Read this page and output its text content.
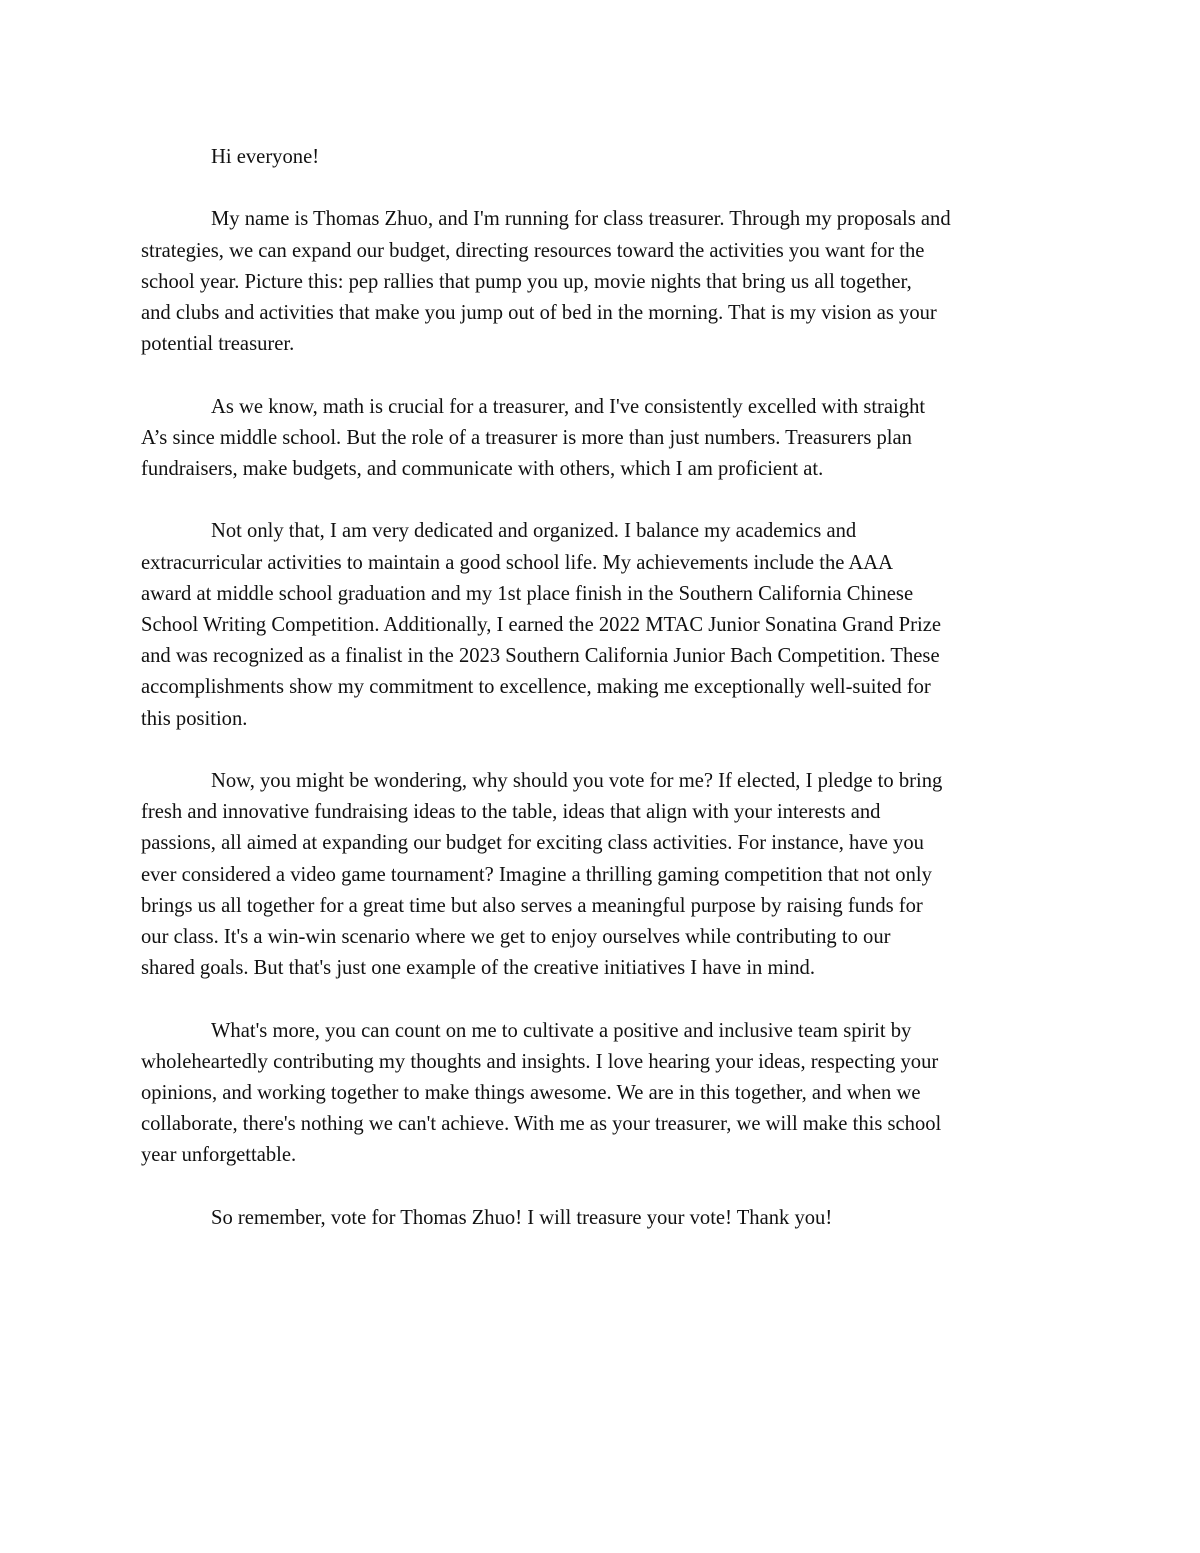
Hi everyone!

My name is Thomas Zhuo, and I'm running for class treasurer. Through my proposals and
strategies, we can expand our budget, directing resources toward the activities you want for the
school year. Picture this: pep rallies that pump you up, movie nights that bring us all together,
and clubs and activities that make you jump out of bed in the morning. That is my vision as your
potential treasurer.

As we know, math is crucial for a treasurer, and I've consistently excelled with straight
A’s since middle school. But the role of a treasurer is more than just numbers. Treasurers plan
fundraisers, make budgets, and communicate with others, which I am proficient at.

Not only that, I am very dedicated and organized. I balance my academics and
extracurricular activities to maintain a good school life. My achievements include the AAA
award at middle school graduation and my 1st place finish in the Southern California Chinese
School Writing Competition. Additionally, I earned the 2022 MTAC Junior Sonatina Grand Prize
and was recognized as a finalist in the 2023 Southern California Junior Bach Competition. These
accomplishments show my commitment to excellence, making me exceptionally well-suited for
this position.

Now, you might be wondering, why should you vote for me? If elected, I pledge to bring
fresh and innovative fundraising ideas to the table, ideas that align with your interests and
passions, all aimed at expanding our budget for exciting class activities. For instance, have you
ever considered a video game tournament? Imagine a thrilling gaming competition that not only
brings us all together for a great time but also serves a meaningful purpose by raising funds for
our class. It's a win-win scenario where we get to enjoy ourselves while contributing to our
shared goals. But that's just one example of the creative initiatives I have in mind.

What's more, you can count on me to cultivate a positive and inclusive team spirit by
wholeheartedly contributing my thoughts and insights. I love hearing your ideas, respecting your
opinions, and working together to make things awesome. We are in this together, and when we
collaborate, there's nothing we can't achieve. With me as your treasurer, we will make this school
year unforgettable.

So remember, vote for Thomas Zhuo! I will treasure your vote! Thank you!
